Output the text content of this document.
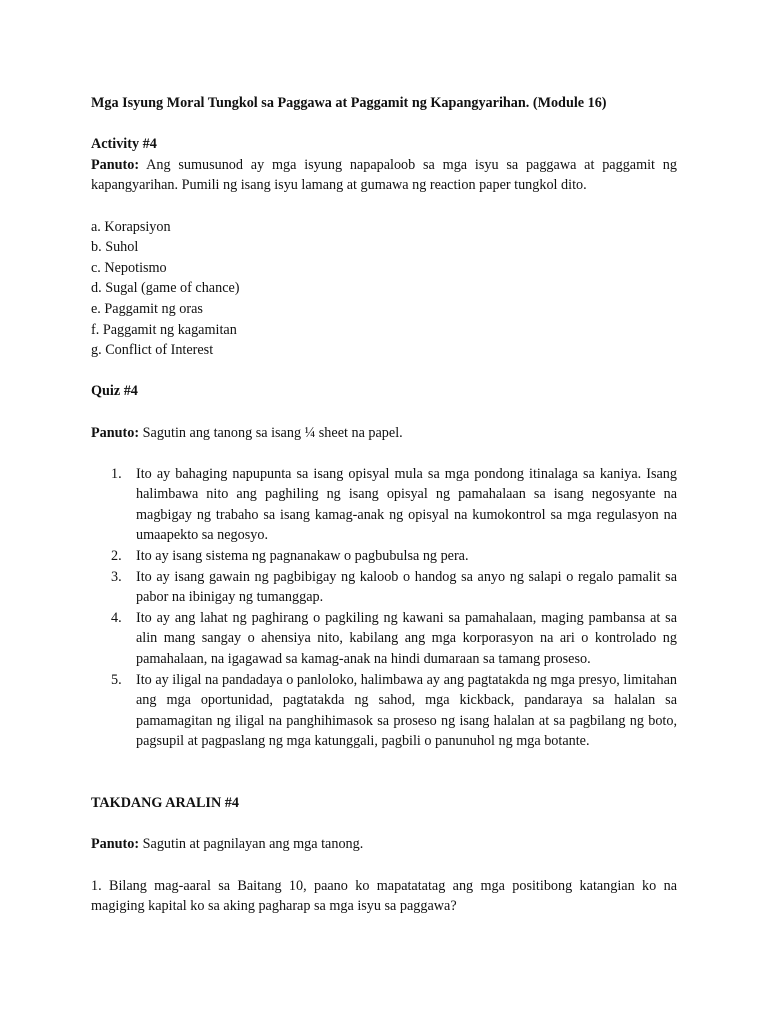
Mga Isyung Moral Tungkol sa Paggawa at Paggamit ng Kapangyarihan. (Module 16)

Activity #4

Panuto: Ang sumusunod ay mga isyung napapaloob sa mga isyu sa paggawa at paggamit ng kapangyarihan. Pumili ng isang isyu lamang at gumawa ng reaction paper tungkol dito.

a. Korapsiyon
b. Suhol
c. Nepotismo
d. Sugal (game of chance)
e. Paggamit ng oras
f. Paggamit ng kagamitan
g. Conflict of Interest

Quiz #4

Panuto: Sagutin ang tanong sa isang ¼ sheet na papel.

1. Ito ay bahaging napupunta sa isang opisyal mula sa mga pondong itinalaga sa kaniya. Isang halimbawa nito ang paghiling ng isang opisyal ng pamahalaan sa isang negosyante na magbigay ng trabaho sa isang kamag-anak ng opisyal na kumokontrol sa mga regulasyon na umaapekto sa negosyo.
2. Ito ay isang sistema ng pagnanakaw o pagbubulsa ng pera.
3. Ito ay isang gawain ng pagbibigay ng kaloob o handog sa anyo ng salapi o regalo pamalit sa pabor na ibinigay ng tumanggap.
4. Ito ay ang lahat ng paghirang o pagkiling ng kawani sa pamahalaan, maging pambansa at sa alin mang sangay o ahensiya nito, kabilang ang mga korporasyon na ari o kontrolado ng pamahalaan, na igagawad sa kamag-anak na hindi dumaraan sa tamang proseso.
5. Ito ay iligal na pandadaya o panloloko, halimbawa ay ang pagtatakda ng mga presyo, limitahan ang mga oportunidad, pagtatakda ng sahod, mga kickback, pandaraya sa halalan sa pamamagitan ng iligal na panghihimasok sa proseso ng isang halalan at sa pagbilang ng boto, pagsupil at pagpaslang ng mga katunggali, pagbili o panunuhol ng mga botante.

TAKDANG ARALIN #4

Panuto: Sagutin at pagnilayan ang mga tanong.

1. Bilang mag-aaral sa Baitang 10, paano ko mapatatatag ang mga positibong katangian ko na magiging kapital ko sa aking pagharap sa mga isyu sa paggawa?
